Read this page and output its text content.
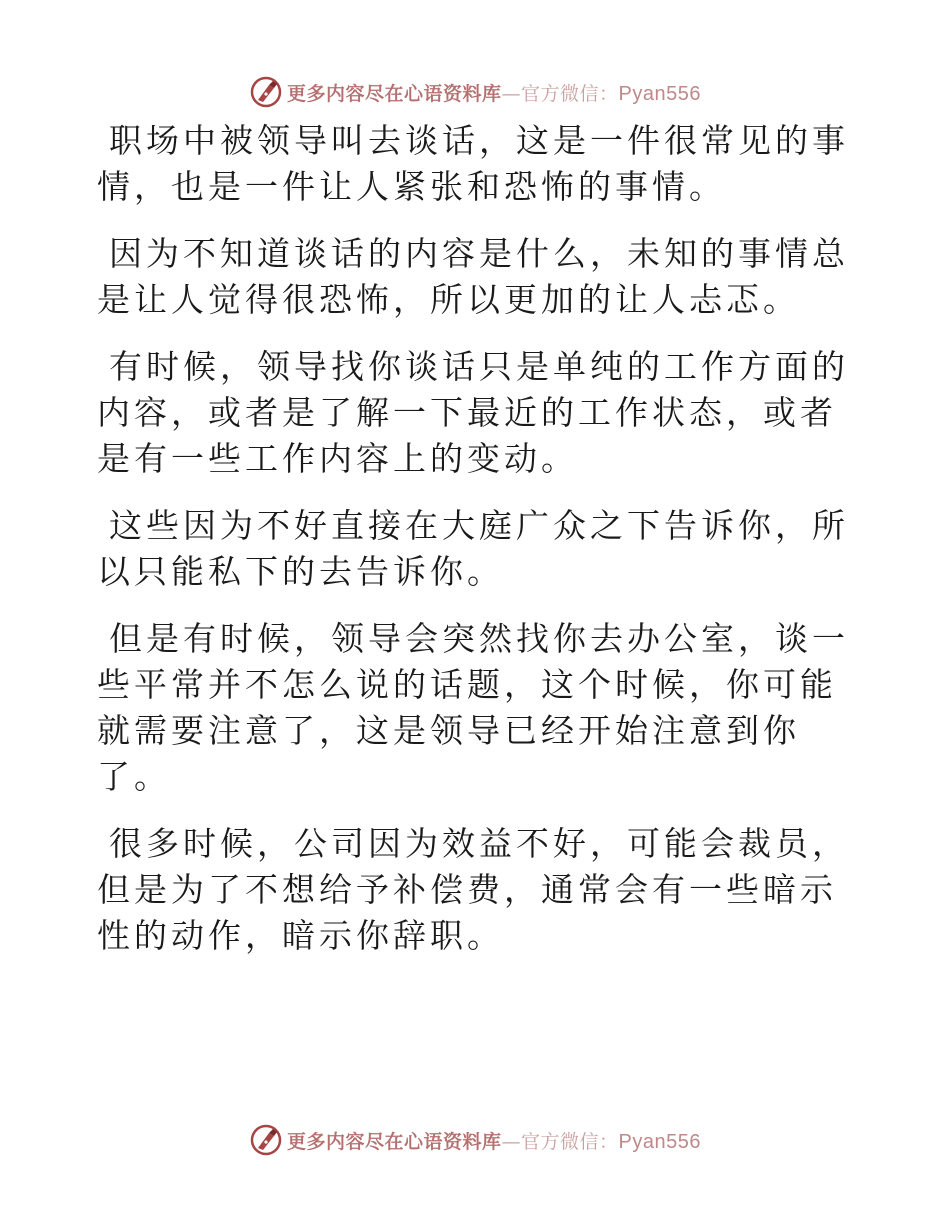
更多内容尽在心语资料库—官方微信：Pyan556

职场中被领导叫去谈话，这是一件很常见的事情，也是一件让人紧张和恐怖的事情。

因为不知道谈话的内容是什么，未知的事情总是让人觉得很恐怖，所以更加的让人忐忑。

有时候，领导找你谈话只是单纯的工作方面的内容，或者是了解一下最近的工作状态，或者是有一些工作内容上的变动。

这些因为不好直接在大庭广众之下告诉你，所以只能私下的去告诉你。

但是有时候，领导会突然找你去办公室，谈一些平常并不怎么说的话题，这个时候，你可能就需要注意了，这是领导已经开始注意到你了。

很多时候，公司因为效益不好，可能会裁员，但是为了不想给予补偿费，通常会有一些暗示性的动作，暗示你辞职。

更多内容尽在心语资料库—官方微信：Pyan556
